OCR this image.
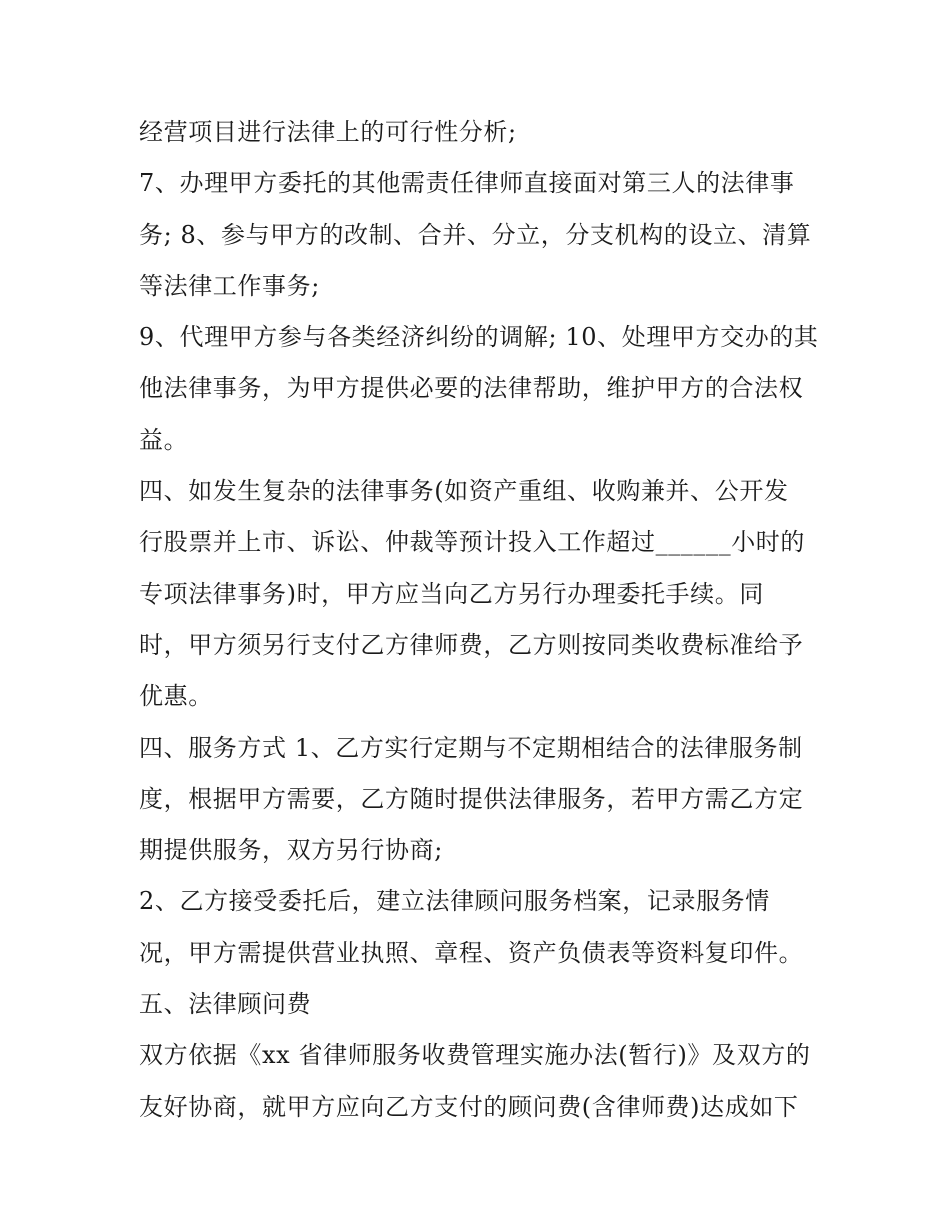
经营项目进行法律上的可行性分析;
7、办理甲方委托的其他需责任律师直接面对第三人的法律事
务; 8、参与甲方的改制、合并、分立，分支机构的设立、清算
等法律工作事务;
9、代理甲方参与各类经济纠纷的调解; 10、处理甲方交办的其
他法律事务，为甲方提供必要的法律帮助，维护甲方的合法权
益。
四、如发生复杂的法律事务(如资产重组、收购兼并、公开发
行股票并上市、诉讼、仲裁等预计投入工作超过______小时的
专项法律事务)时，甲方应当向乙方另行办理委托手续。同
时，甲方须另行支付乙方律师费，乙方则按同类收费标准给予
优惠。
四、服务方式 1、乙方实行定期与不定期相结合的法律服务制
度，根据甲方需要，乙方随时提供法律服务，若甲方需乙方定
期提供服务，双方另行协商;
2、乙方接受委托后，建立法律顾问服务档案，记录服务情
况，甲方需提供营业执照、章程、资产负债表等资料复印件。
五、法律顾问费
双方依据《xx 省律师服务收费管理实施办法(暂行)》及双方的
友好协商，就甲方应向乙方支付的顾问费(含律师费)达成如下
